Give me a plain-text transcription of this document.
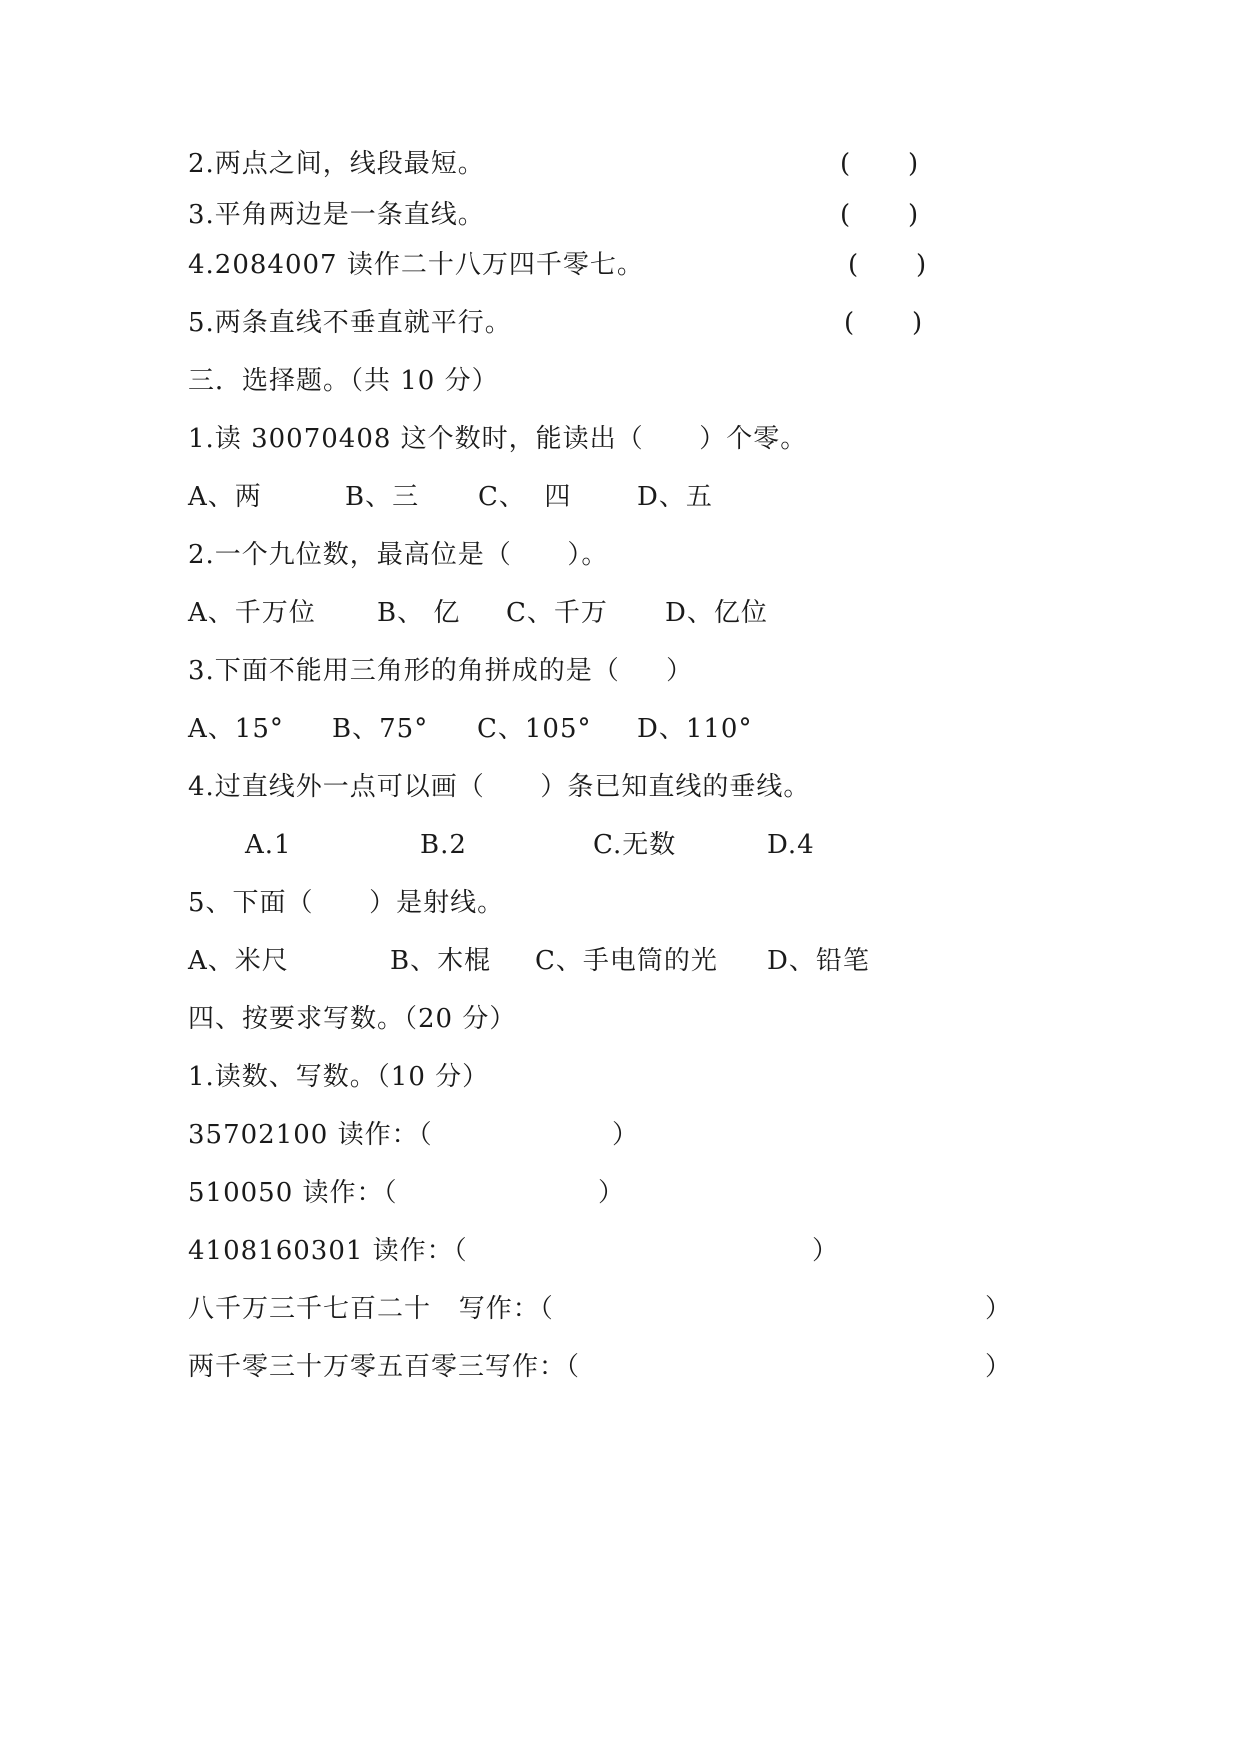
2.两点之间，线段最短。	(       )
3.平角两边是一条直线。	(       )
4.2084007 读作二十八万四千零七。	(       )
5.两条直线不垂直就平行。	(       )
三．选择题。（共 10 分）
1.读 30070408 这个数时，能读出（      ）个零。
A、两	B、三 C、  四	D、五
2.一个九位数，最高位是（      ）。
A、千万位 B、 亿 C、千万 D、亿位
3.下面不能用三角形的角拼成的是（     ）
A、15° B、75° C、105° D、110°
4.过直线外一点可以画（      ）条已知直线的垂线。
A.1	B.2	C.无数	D.4
5、下面（      ）是射线。
A、米尺	B、木棍 C、手电筒的光 D、铅笔
四、按要求写数。（20 分）
1.读数、写数。（10 分）
35702100 读作：（	）
510050 读作：（	）
4108160301 读作：（	）
八千万三千七百二十   写作：（	）
两千零三十万零五百零三写作：（	）
